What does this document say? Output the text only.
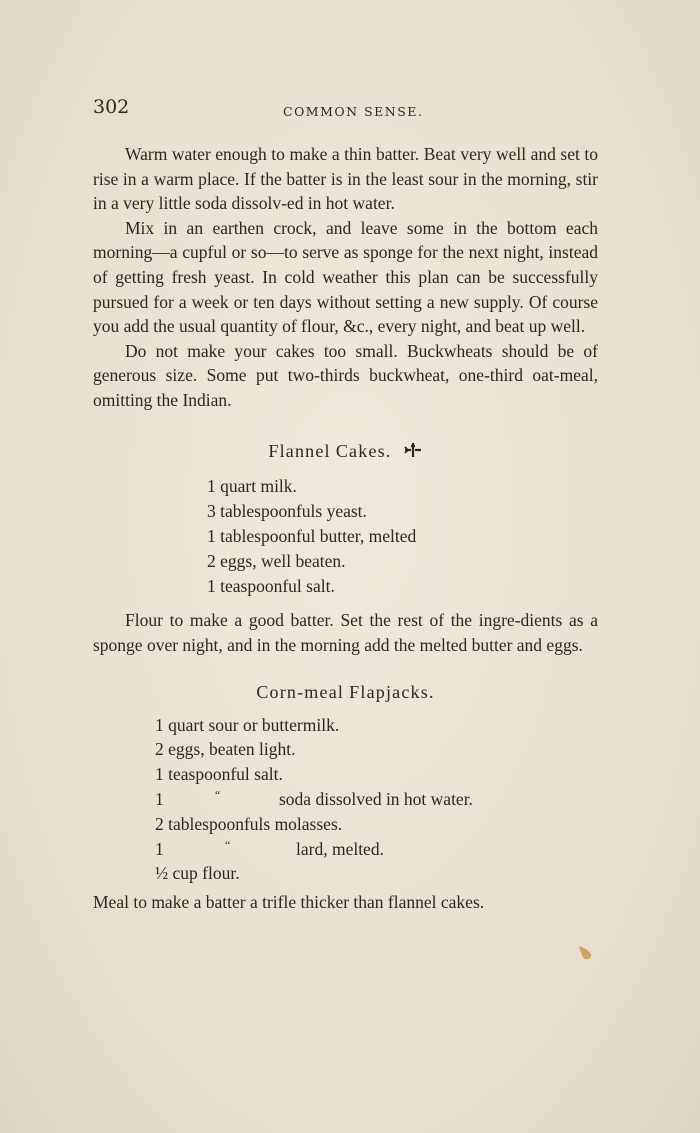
302	COMMON SENSE.

Warm water enough to make a thin batter. Beat very well and set to rise in a warm place. If the batter is in the least sour in the morning, stir in a very little soda dissolv-ed in hot water.

Mix in an earthen crock, and leave some in the bottom each morning—a cupful or so—to serve as sponge for the next night, instead of getting fresh yeast. In cold weather this plan can be successfully pursued for a week or ten days without setting a new supply. Of course you add the usual quantity of flour, &c., every night, and beat up well.

Do not make your cakes too small. Buckwheats should be of generous size. Some put two-thirds buckwheat, one-third oat-meal, omitting the Indian.

Flannel Cakes.

1 quart milk.
3 tablespoonfuls yeast.
1 tablespoonful butter, melted
2 eggs, well beaten.
1 teaspoonful salt.

Flour to make a good batter. Set the rest of the ingre-dients as a sponge over night, and in the morning add the melted butter and eggs.

Corn-meal Flapjacks.

1 quart sour or buttermilk.
2 eggs, beaten light.
1 teaspoonful salt.
1	“	soda dissolved in hot water.
2 tablespoonfuls molasses.
1	“	lard, melted.
½ cup flour.

Meal to make a batter a trifle thicker than flannel cakes.
